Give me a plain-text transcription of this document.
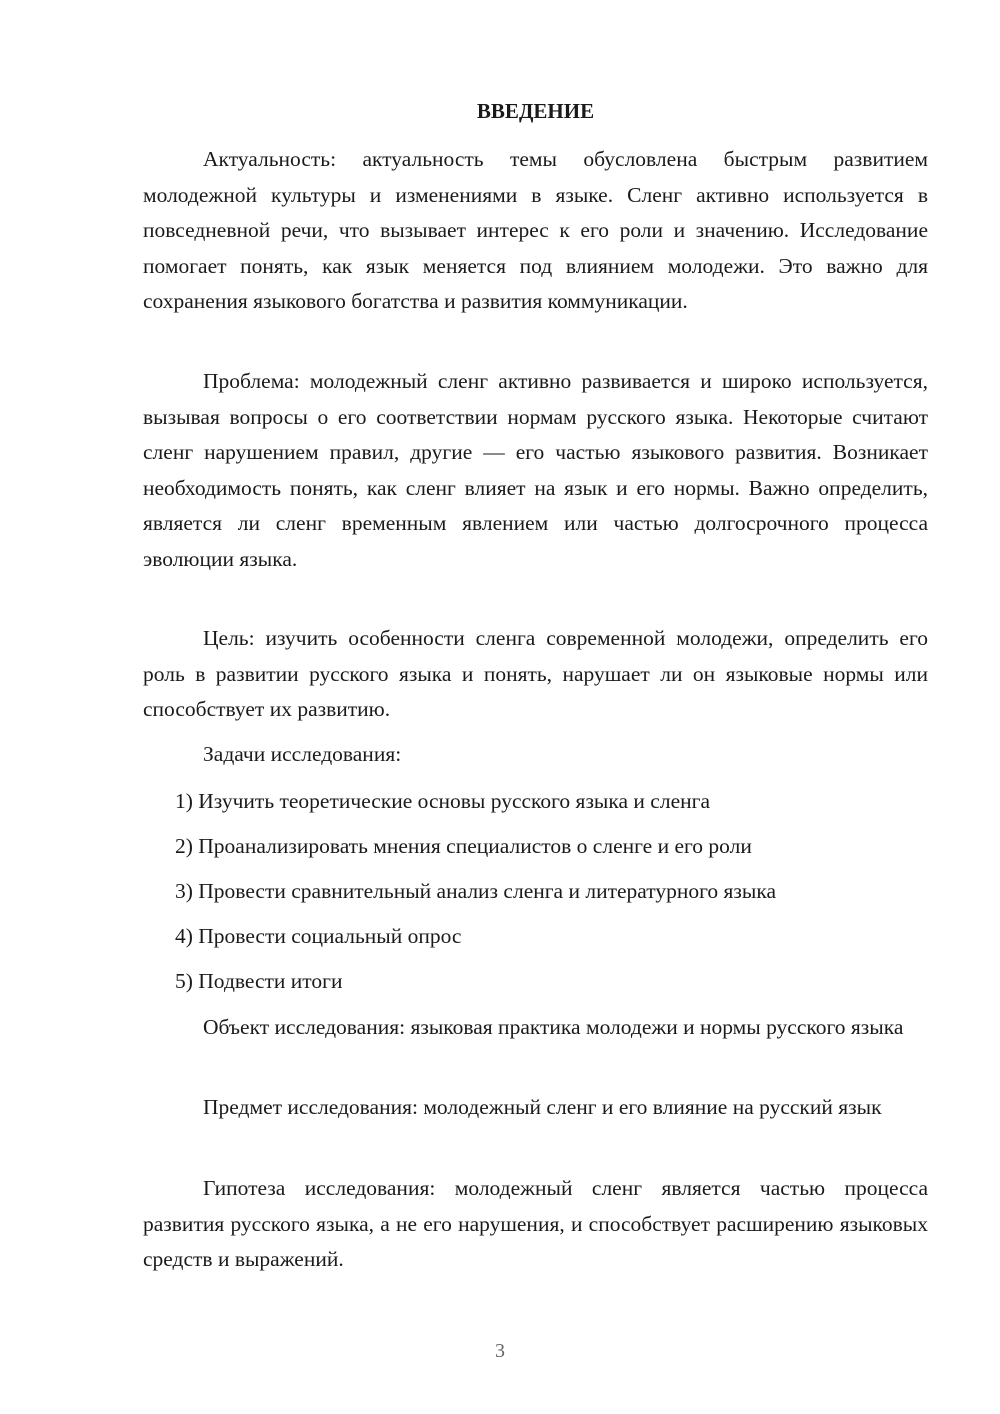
ВВЕДЕНИЕ

Актуальность: актуальность темы обусловлена быстрым развитием молодежной культуры и изменениями в языке. Сленг активно используется в повседневной речи, что вызывает интерес к его роли и значению. Исследование помогает понять, как язык меняется под влиянием молодежи. Это важно для сохранения языкового богатства и развития коммуникации.

Проблема: молодежный сленг активно развивается и широко используется, вызывая вопросы о его соответствии нормам русского языка. Некоторые считают сленг нарушением правил, другие — его частью языкового развития. Возникает необходимость понять, как сленг влияет на язык и его нормы. Важно определить, является ли сленг временным явлением или частью долгосрочного процесса эволюции языка.

Цель: изучить особенности сленга современной молодежи, определить его роль в развитии русского языка и понять, нарушает ли он языковые нормы или способствует их развитию.

Задачи исследования:

1) Изучить теоретические основы русского языка и сленга

2) Проанализировать мнения специалистов о сленге и его роли

3) Провести сравнительный анализ сленга и литературного языка

4) Провести социальный опрос

5) Подвести итоги

Объект исследования: языковая практика молодежи и нормы русского языка

Предмет исследования: молодежный сленг и его влияние на русский язык

Гипотеза исследования: молодежный сленг является частью процесса развития русского языка, а не его нарушения, и способствует расширению языковых средств и выражений.

3
